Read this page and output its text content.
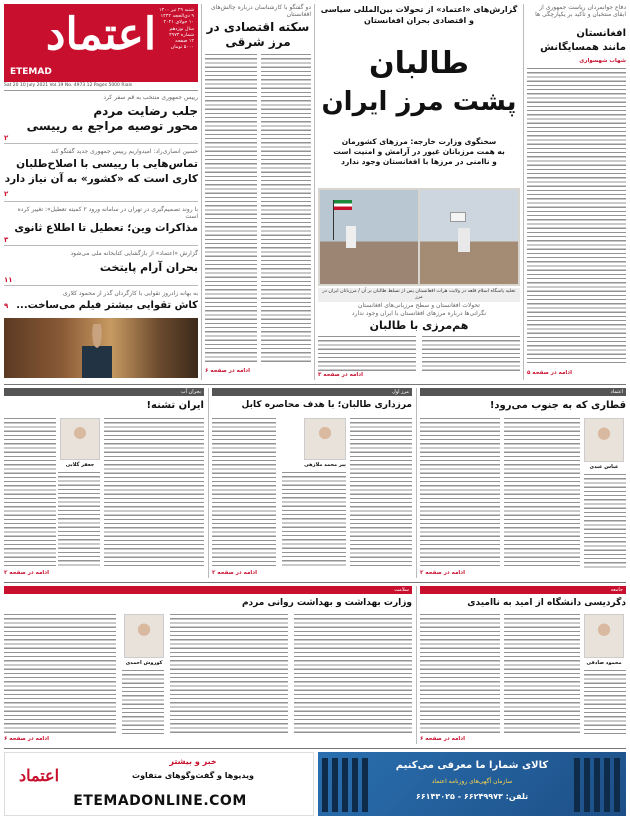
اعتماد
ETEMAD
شنبه ۲۹ تیر ۱۴۰۰
۹ ذی‌الحجه ۱۴۴۲
۱۰ جولای ۲۰۲۱
سال نوزدهم
شماره ۴۹۷۳
۱۲ صفحه
۵۰۰۰ تومان
Sat 20 10 July 2021 Vol.19 No. 4973 12 Pages 5000 Rials
رییس جمهوری منتخب به قم سفر کرد
جلب رضایت مردم
محور توصیه مراجع به رییسی
۲
حسین انصاری‌راد: امیدواریم رییس جمهوری جدید گفتگو کند
تماس‌هایی با رییسی با اصلاح‌طلبان
کاری است که «کشور» به آن نیاز دارد
۲
با روند تصمیم‌گیری در تهران در سامانه ورود ۲ کمیته تعطیل»: تغییر کرده است
مذاکرات وین؛ تعطیل تا اطلاع ثانوی
۳
گزارش «اعتماد» از بازگشایی کتابخانه ملی می‌شود
بحران آرام پایتخت
۱۱
به بهانه زادروز تقوایی با کارگردان گذر از محمود کلاری
کاش تقوایی بیشتر فیلم می‌ساخت...
۹
دو گفتگو با کارشناسان درباره چالش‌های افغانستان
سکته اقتصادی در مرز شرقی
ادامه در صفحه ۶
گزارش‌های «اعتماد» از تحولات بین‌المللی سیاسی و اقتصادی بحران افغانستان
طالبان
پشت مرز ایران
سخنگوی وزارت خارجه: مرزهای کشورمان
به همت مرزبانان غیور در آرامش و امنیت است
و ناامنی در مرزها با افغانستان وجود ندارد
تخلیه پاسگاه اسلام قلعه در ولایت هرات افغانستان پس از تسلط طالبان بر آن / مرزبانان ایران در مرز
تحولات افغانستان و سطح مرزبانی‌های افغانستان
نگرانی‌ها درباره مرزهای افغانستان با ایران وجود ندارد
هم‌مرزی با طالبان
ادامه در صفحه ۳
دفاع جوانمردان ریاست جمهوری از ابقای منتخبان و تاکید بر یکپارچگی ها
افغانستان
مانند همسایگانش
شهاب شهسواری
ادامه در صفحه ۵
اعتماد
قطاری که به جنوب می‌رود!
عباس عبدی
ادامه در صفحه ۲
مرز اول
مرزداری طالبان؛ با هدف محاصره کابل
پیر محمد ملازهی
ادامه در صفحه ۲
بحران آب
ایران تشنه!
جعفر گلابی
ادامه در صفحه ۲
جامعه
دگردیسی دانشگاه از امید به ناامیدی
محمود صادقی
ادامه در صفحه ۶
سلامت
وزارت بهداشت و بهداشت روانی مردم
کوروش احمدی
ادامه در صفحه ۶
کالای شمارا ما معرفی می‌کنیم
سازمان آگهی‌های روزنامه اعتماد
تلفن: ۶۶۲۴۹۹۷۳ - ۶۶۱۴۳۰۲۵
اعتماد
خبر و بیشتر
ویدیوها و گفت‌وگوهای متفاوت
ETEMADONLINE.COM
